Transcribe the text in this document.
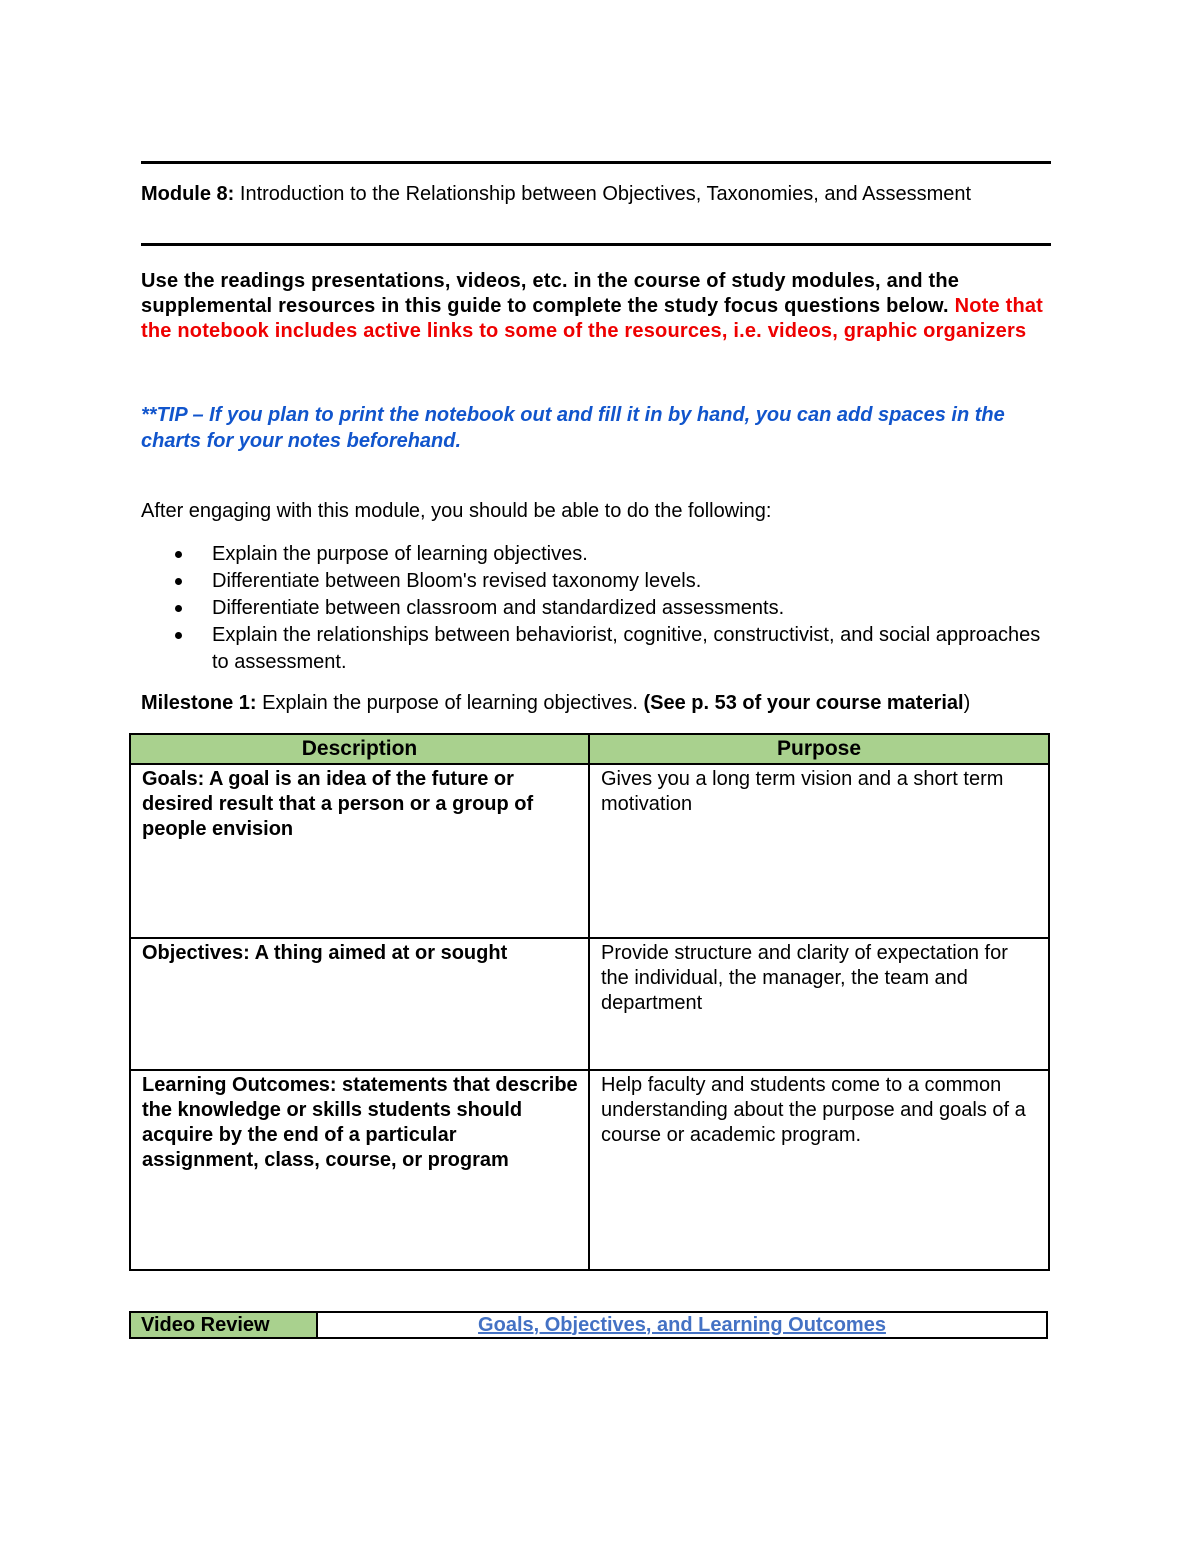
Module 8: Introduction to the Relationship between Objectives, Taxonomies, and Assessment
Use the readings presentations, videos, etc. in the course of study modules, and the supplemental resources in this guide to complete the study focus questions below. Note that the notebook includes active links to some of the resources, i.e. videos, graphic organizers
**TIP – If you plan to print the notebook out and fill it in by hand, you can add spaces in the charts for your notes beforehand.
After engaging with this module, you should be able to do the following:
Explain the purpose of learning objectives.
Differentiate between Bloom's revised taxonomy levels.
Differentiate between classroom and standardized assessments.
Explain the relationships between behaviorist, cognitive, constructivist, and social approaches to assessment.
Milestone 1: Explain the purpose of learning objectives. (See p. 53 of your course material)
Description	Purpose
Goals: A goal is an idea of the future or desired result that a person or a group of people envision	Gives you a long term vision and a short term motivation
Objectives: A thing aimed at or sought	Provide structure and clarity of expectation for the individual, the manager, the team and department
Learning Outcomes: statements that describe the knowledge or skills students should acquire by the end of a particular assignment, class, course, or program	Help faculty and students come to a common understanding about the purpose and goals of a course or academic program.
Video Review	Goals, Objectives, and Learning Outcomes
